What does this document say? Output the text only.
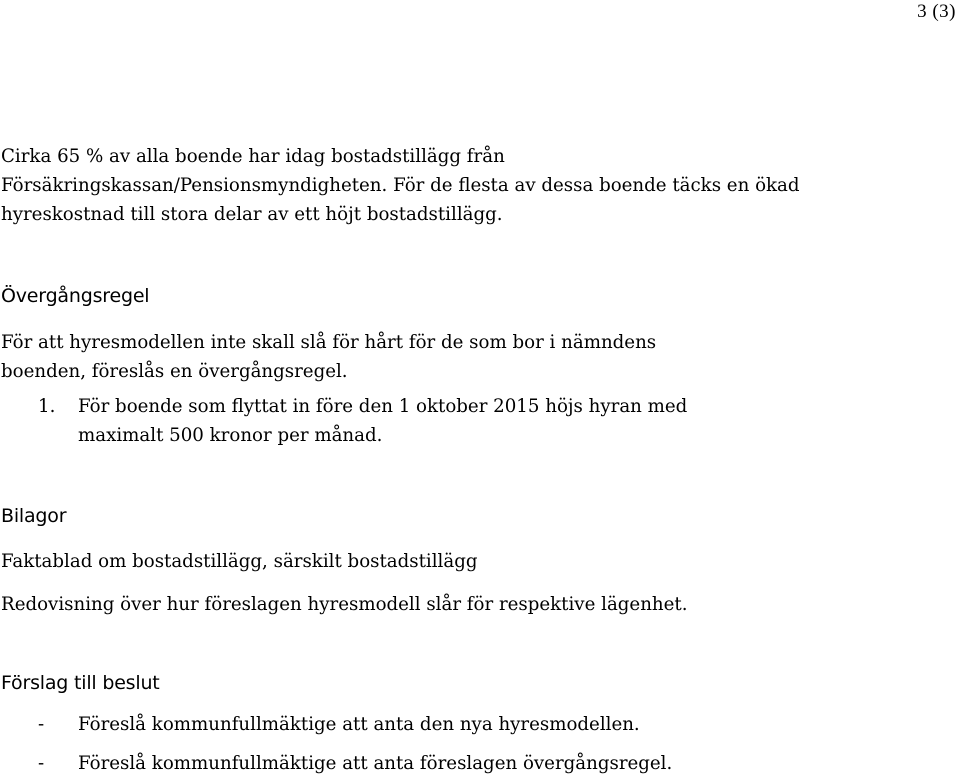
3 (3)

Cirka 65 % av alla boende har idag bostadstillägg från Försäkringskassan/Pensionsmyndigheten. För de flesta av dessa boende täcks en ökad hyreskostnad till stora delar av ett höjt bostadstillägg.

Övergångsregel

För att hyresmodellen inte skall slå för hårt för de som bor i nämndens boenden, föreslås en övergångsregel.

1.	För boende som flyttat in före den 1 oktober 2015 höjs hyran med maximalt 500 kronor per månad.
Bilagor

Faktablad om bostadstillägg, särskilt bostadstillägg

Redovisning över hur föreslagen hyresmodell slår för respektive lägenhet.

Förslag till beslut
-	Föreslå kommunfullmäktige att anta den nya hyresmodellen.
-	Föreslå kommunfullmäktige att anta föreslagen övergångsregel.
